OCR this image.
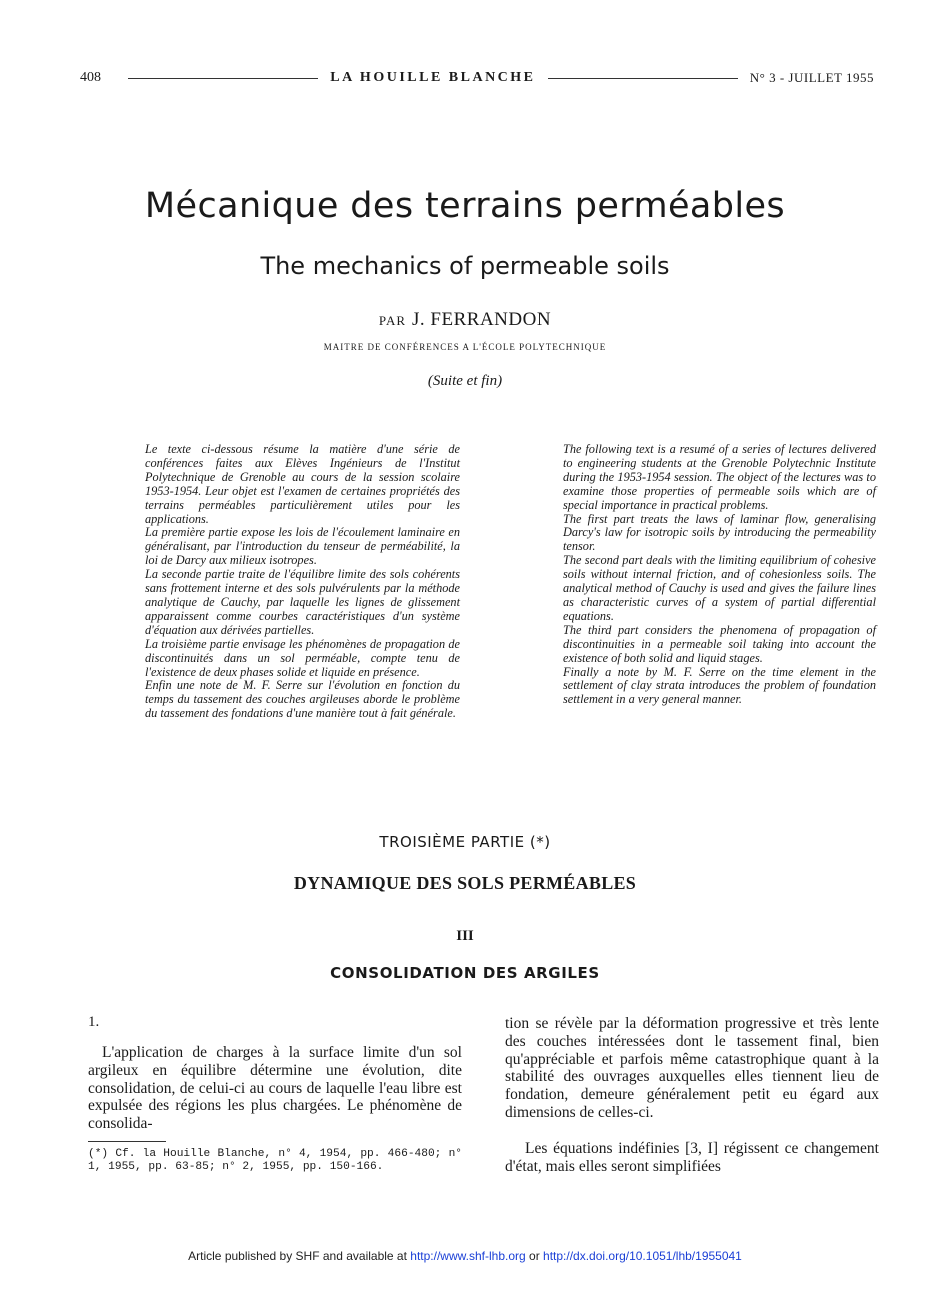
408	LA HOUILLE BLANCHE	N° 3 - JUILLET 1955
Mécanique des terrains perméables
The mechanics of permeable soils
PAR J. FERRANDON
MAITRE DE CONFÉRENCES A L'ÉCOLE POLYTECHNIQUE
(Suite et fin)

Le texte ci-dessous résume la matière d'une série de conférences faites aux Elèves Ingénieurs de l'Institut Polytechnique de Grenoble au cours de la session scolaire 1953-1954. Leur objet est l'examen de certaines propriétés des terrains perméables particulièrement utiles pour les applications.

La première partie expose les lois de l'écoulement laminaire en généralisant, par l'introduction du tenseur de perméabilité, la loi de Darcy aux milieux isotropes.

La seconde partie traite de l'équilibre limite des sols cohérents sans frottement interne et des sols pulvérulents par la méthode analytique de Cauchy, par laquelle les lignes de glissement apparaissent comme courbes caractéristiques d'un système d'équation aux dérivées partielles.

La troisième partie envisage les phénomènes de propagation de discontinuités dans un sol perméable, compte tenu de l'existence de deux phases solide et liquide en présence.

Enfin une note de M. F. Serre sur l'évolution en fonction du temps du tassement des couches argileuses aborde le problème du tassement des fondations d'une manière tout à fait générale.

The following text is a resumé of a series of lectures delivered to engineering students at the Grenoble Polytechnic Institute during the 1953-1954 session. The object of the lectures was to examine those properties of permeable soils which are of special importance in practical problems.

The first part treats the laws of laminar flow, generalising Darcy's law for isotropic soils by introducing the permeability tensor.

The second part deals with the limiting equilibrium of cohesive soils without internal friction, and of cohesionless soils. The analytical method of Cauchy is used and gives the failure lines as characteristic curves of a system of partial differential equations.

The third part considers the phenomena of propagation of discontinuities in a permeable soil taking into account the existence of both solid and liquid stages.

Finally a note by M. F. Serre on the time element in the settlement of clay strata introduces the problem of foundation settlement in a very general manner.

TROISIÈME PARTIE (*)
DYNAMIQUE DES SOLS PERMÉABLES
III
CONSOLIDATION DES ARGILES
1.
L'application de charges à la surface limite d'un sol argileux en équilibre détermine une évolution, dite consolidation, de celui-ci au cours de laquelle l'eau libre est expulsée des régions les plus chargées. Le phénomène de consolida-
(*) Cf. la Houille Blanche, n° 4, 1954, pp. 466-480; n° 1, 1955, pp. 63-85; n° 2, 1955, pp. 150-166.
tion se révèle par la déformation progressive et très lente des couches intéressées dont le tassement final, bien qu'appréciable et parfois même catastrophique quant à la stabilité des ouvrages auxquelles elles tiennent lieu de fondation, demeure généralement petit eu égard aux dimensions de celles-ci.
Les équations indéfinies [3, I] régissent ce changement d'état, mais elles seront simplifiées
Article published by SHF and available at http://www.shf-lhb.org or http://dx.doi.org/10.1051/lhb/1955041
